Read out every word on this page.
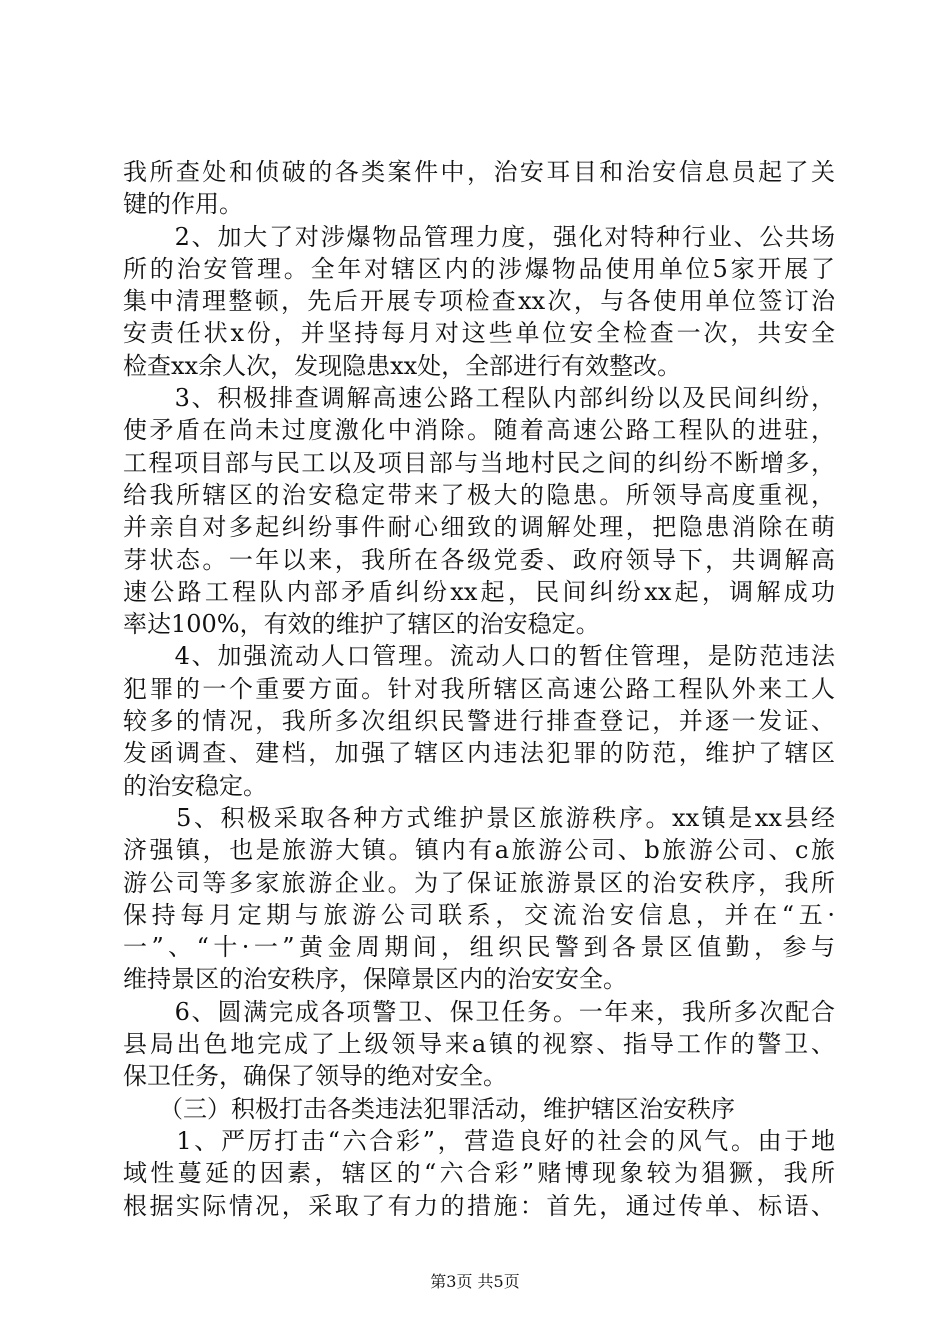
我所查处和侦破的各类案件中，治安耳目和治安信息员起了关
键的作用。
　　2、加大了对涉爆物品管理力度，强化对特种行业、公共场
所的治安管理。全年对辖区内的涉爆物品使用单位5家开展了
集中清理整顿，先后开展专项检查xx次，与各使用单位签订治
安责任状x份，并坚持每月对这些单位安全检查一次，共安全
检查xx余人次，发现隐患xx处，全部进行有效整改。
　　3、积极排查调解高速公路工程队内部纠纷以及民间纠纷，
使矛盾在尚未过度激化中消除。随着高速公路工程队的进驻，
工程项目部与民工以及项目部与当地村民之间的纠纷不断增多，
给我所辖区的治安稳定带来了极大的隐患。所领导高度重视，
并亲自对多起纠纷事件耐心细致的调解处理，把隐患消除在萌
芽状态。一年以来，我所在各级党委、政府领导下，共调解高
速公路工程队内部矛盾纠纷xx起，民间纠纷xx起，调解成功
率达100%，有效的维护了辖区的治安稳定。
　　4、加强流动人口管理。流动人口的暂住管理，是防范违法
犯罪的一个重要方面。针对我所辖区高速公路工程队外来工人
较多的情况，我所多次组织民警进行排查登记，并逐一发证、
发函调查、建档，加强了辖区内违法犯罪的防范，维护了辖区
的治安稳定。
　　5、积极采取各种方式维护景区旅游秩序。xx镇是xx县经
济强镇，也是旅游大镇。镇内有a旅游公司、b旅游公司、c旅
游公司等多家旅游企业。为了保证旅游景区的治安秩序，我所
保持每月定期与旅游公司联系，交流治安信息，并在“五·
一”、“十·一”黄金周期间，组织民警到各景区值勤，参与
维持景区的治安秩序，保障景区内的治安安全。
　　6、圆满完成各项警卫、保卫任务。一年来，我所多次配合
县局出色地完成了上级领导来a镇的视察、指导工作的警卫、
保卫任务，确保了领导的绝对安全。
　　（三）积极打击各类违法犯罪活动，维护辖区治安秩序
　　1、严厉打击“六合彩”，营造良好的社会的风气。由于地
域性蔓延的因素，辖区的“六合彩”赌博现象较为猖獗，我所
根据实际情况，采取了有力的措施：首先，通过传单、标语、
第3页 共5页
